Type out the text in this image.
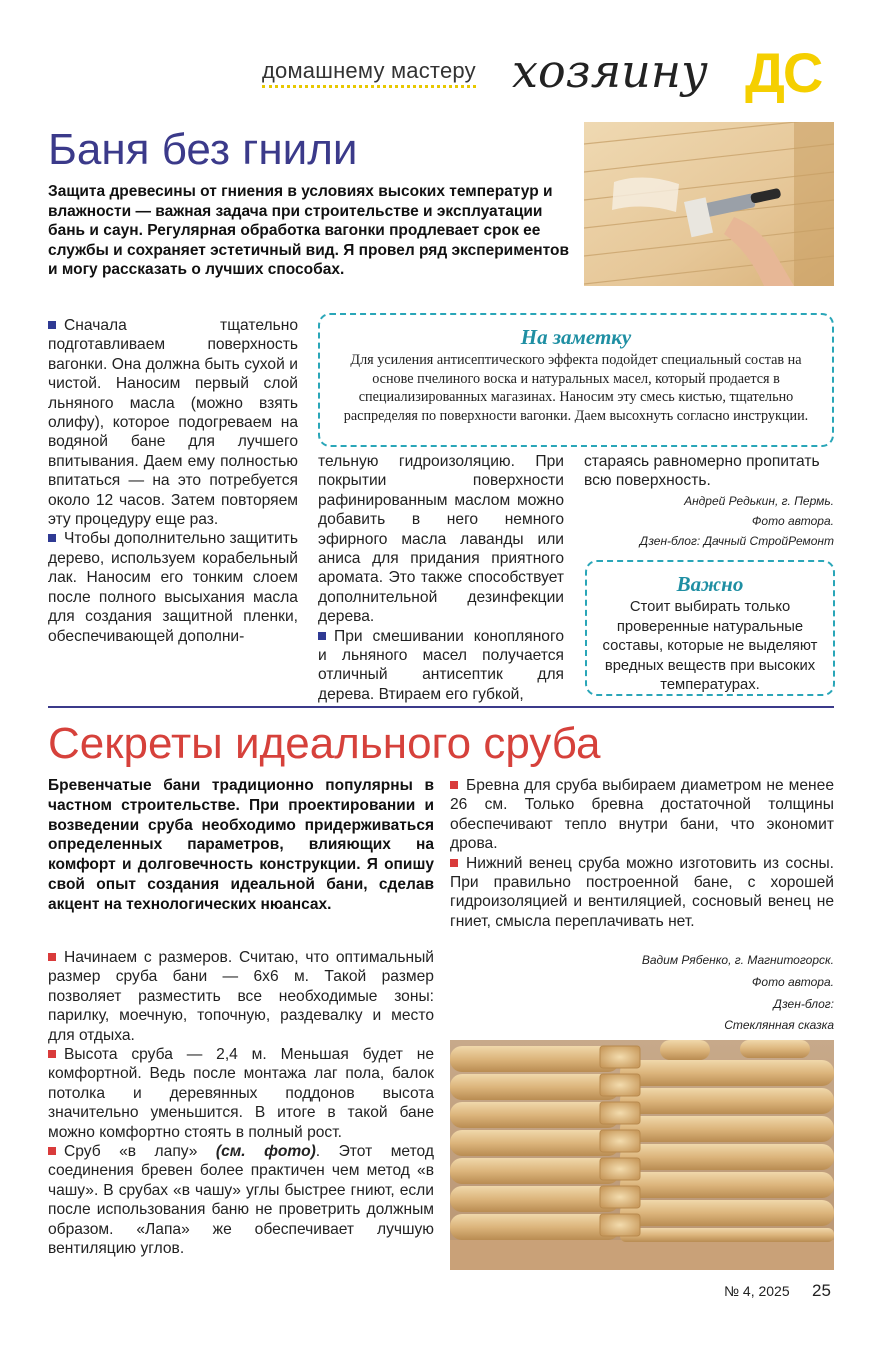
домашнему мастеру хозяину ДС
Баня без гнили
Защита древесины от гниения в условиях высоких температур и влажности — важная задача при строительстве и эксплуатации бань и саун. Регулярная обработка вагонки продлевает срок ее службы и сохраняет эстетичный вид. Я провел ряд экспериментов и могу рассказать о лучших способах.

Сначала тщательно подготавливаем поверхность вагонки. Она должна быть сухой и чистой. Наносим первый слой льняного масла (можно взять олифу), которое подогреваем на водяной бане для лучшего впитывания. Даем ему полностью впитаться — на это потребуется около 12 часов. Затем повторяем эту процедуру еще раз.

Чтобы дополнительно защитить дерево, используем корабельный лак. Наносим его тонким слоем после полного высыхания масла для создания защитной пленки, обеспечивающей дополни-

На заметку
Для усиления антисептического эффекта подойдет специальный состав на основе пчелиного воска и натуральных масел, который продается в специализированных магазинах. Наносим эту смесь кистью, тщательно распределяя по поверхности вагонки. Даем высохнуть согласно инструкции.

тельную гидроизоляцию. При покрытии поверхности рафинированным маслом можно добавить в него немного эфирного масла лаванды или аниса для придания приятного аромата. Это также способствует дополнительной дезинфекции дерева.

При смешивании конопляного и льняного масел получается отличный антисептик для дерева. Втираем его губкой,

стараясь равномерно пропитать всю поверхность.

Андрей Редькин, г. Пермь.
Фото автора.
Дзен-блог: Дачный СтройРемонт
Важно
Стоит выбирать только проверенные натуральные составы, которые не выделяют вредных веществ при высоких температурах.
Секреты идеального сруба
Бревенчатые бани традиционно популярны в частном строительстве. При проектировании и возведении сруба необходимо придерживаться определенных параметров, влияющих на комфорт и долговечность конструкции. Я опишу свой опыт создания идеальной бани, сделав акцент на технологических нюансах.

Начинаем с размеров. Считаю, что оптимальный размер сруба бани — 6х6 м. Такой размер позволяет разместить все необходимые зоны: парилку, моечную, топочную, раздевалку и место для отдыха.

Высота сруба — 2,4 м. Меньшая будет не комфортной. Ведь после монтажа лаг пола, балок потолка и деревянных поддонов высота значительно уменьшится. В итоге в такой бане можно комфортно стоять в полный рост.

Сруб «в лапу» (см. фото). Этот метод соединения бревен более практичен чем метод «в чашу». В срубах «в чашу» углы быстрее гниют, если после использования баню не проветрить должным образом. «Лапа» же обеспечивает лучшую вентиляцию углов.

Бревна для сруба выбираем диаметром не менее 26 см. Только бревна достаточной толщины обеспечивают тепло внутри бани, что экономит дрова.

Нижний венец сруба можно изготовить из сосны. При правильно построенной бане, с хорошей гидроизоляцией и вентиляцией, сосновый венец не гниет, смысла переплачивать нет.

Вадим Рябенко, г. Магнитогорск.
Фото автора.
Дзен-блог:
Стеклянная сказка
№ 4, 2025 25
